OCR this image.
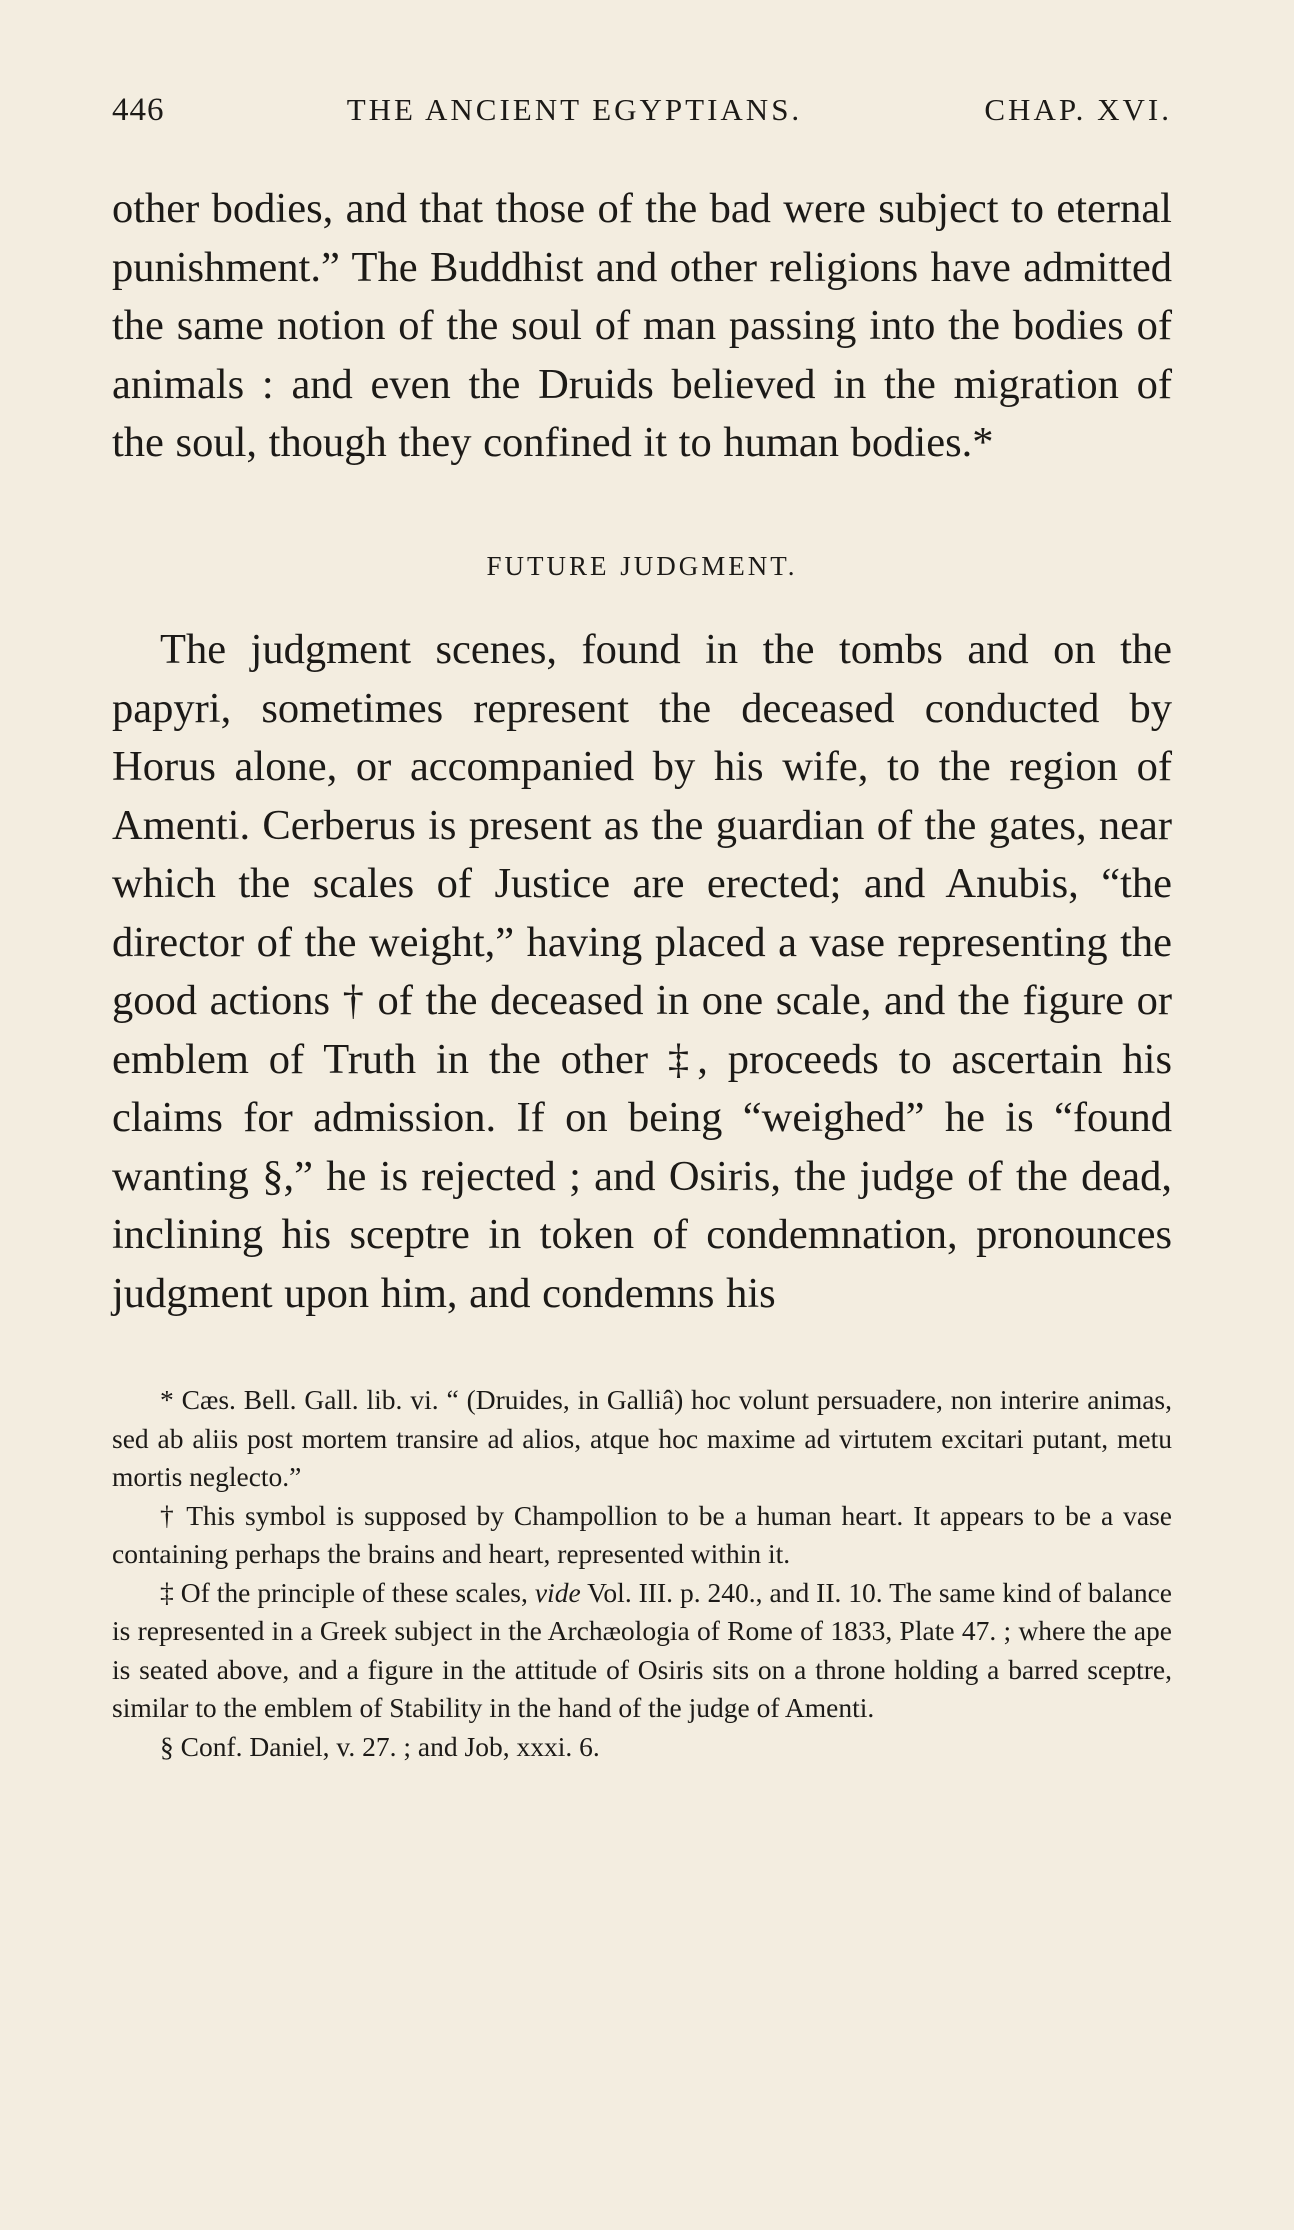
446	THE ANCIENT EGYPTIANS.	CHAP. XVI.

other bodies, and that those of the bad were subject to eternal punishment.” The Buddhist and other religions have admitted the same notion of the soul of man passing into the bodies of animals : and even the Druids believed in the migration of the soul, though they confined it to human bodies.*

FUTURE JUDGMENT.

The judgment scenes, found in the tombs and on the papyri, sometimes represent the deceased conducted by Horus alone, or accompanied by his wife, to the region of Amenti. Cerberus is present as the guardian of the gates, near which the scales of Justice are erected; and Anubis, “the director of the weight,” having placed a vase representing the good actions † of the deceased in one scale, and the figure or emblem of Truth in the other ‡, proceeds to ascertain his claims for admission. If on being “weighed” he is “found wanting §,” he is rejected ; and Osiris, the judge of the dead, inclining his sceptre in token of condemnation, pronounces judgment upon him, and condemns his

* Cæs. Bell. Gall. lib. vi. “ (Druides, in Galliâ) hoc volunt persuadere, non interire animas, sed ab aliis post mortem transire ad alios, atque hoc maxime ad virtutem excitari putant, metu mortis neglecto.”

† This symbol is supposed by Champollion to be a human heart. It appears to be a vase containing perhaps the brains and heart, represented within it.

‡ Of the principle of these scales, vide Vol. III. p. 240., and II. 10. The same kind of balance is represented in a Greek subject in the Archæologia of Rome of 1833, Plate 47. ; where the ape is seated above, and a figure in the attitude of Osiris sits on a throne holding a barred sceptre, similar to the emblem of Stability in the hand of the judge of Amenti.

§ Conf. Daniel, v. 27. ; and Job, xxxi. 6.
